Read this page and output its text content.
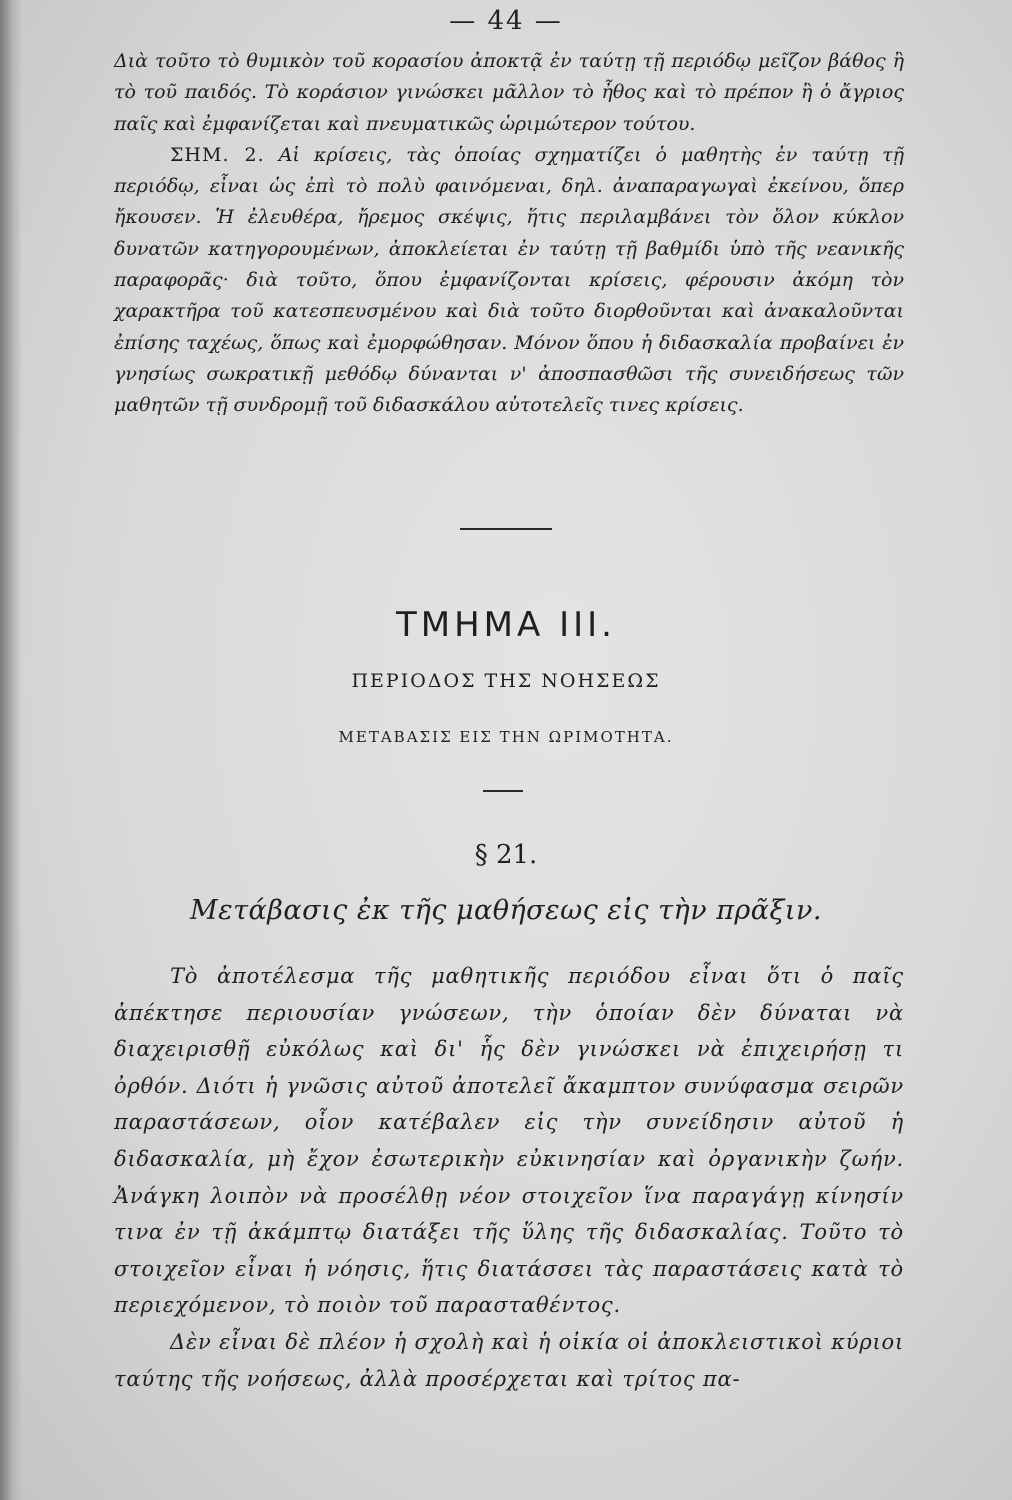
— 44 —

Διὰ τοῦτο τὸ θυμικὸν τοῦ κορασίου ἀποκτᾷ ἐν ταύτῃ τῇ περιόδῳ μεῖζον βάθος ἢ τὸ τοῦ παιδός. Τὸ κοράσιον γινώσκει μᾶλλον τὸ ἦθος καὶ τὸ πρέπον ἢ ὁ ἄγριος παῖς καὶ ἐμφανίζεται καὶ πνευματικῶς ὡριμώτερον τούτου.

ΣΗΜ. 2. Αἱ κρίσεις, τὰς ὁποίας σχηματίζει ὁ μαθητὴς ἐν ταύτῃ τῇ περιόδῳ, εἶναι ὡς ἐπὶ τὸ πολὺ φαινόμεναι, δηλ. ἀναπαραγωγαὶ ἐκείνου, ὅπερ ἤκουσεν. Ἡ ἐλευθέρα, ἤρεμος σκέψις, ἥτις περιλαμβάνει τὸν ὅλον κύκλον δυνατῶν κατηγορουμένων, ἀποκλείεται ἐν ταύτῃ τῇ βαθμίδι ὑπὸ τῆς νεανικῆς παραφορᾶς· διὰ τοῦτο, ὅπου ἐμφανίζονται κρίσεις, φέρουσιν ἀκόμη τὸν χαρακτῆρα τοῦ κατεσπευσμένου καὶ διὰ τοῦτο διορθοῦνται καὶ ἀνακαλοῦνται ἐπίσης ταχέως, ὅπως καὶ ἐμορφώθησαν. Μόνον ὅπου ἡ διδασκαλία προβαίνει ἐν γνησίως σωκρατικῇ μεθόδῳ δύνανται ν' ἀποσπασθῶσι τῆς συνειδήσεως τῶν μαθητῶν τῇ συνδρομῇ τοῦ διδασκάλου αὐτοτελεῖς τινες κρίσεις.

ΤΜΗΜΑ III.
ΠΕΡΙΟΔΟΣ ΤΗΣ ΝΟΗΣΕΩΣ
ΜΕΤΑΒΑΣΙΣ ΕΙΣ ΤΗΝ ΩΡΙΜΟΤΗΤΑ.
§ 21.
Μετάβασις ἐκ τῆς μαθήσεως εἰς τὴν πρᾶξιν.

Τὸ ἀποτέλεσμα τῆς μαθητικῆς περιόδου εἶναι ὅτι ὁ παῖς ἀπέκτησε περιουσίαν γνώσεων, τὴν ὁποίαν δὲν δύναται νὰ διαχειρισθῇ εὐκόλως καὶ δι' ἧς δὲν γινώσκει νὰ ἐπιχειρήσῃ τι ὀρθόν. Διότι ἡ γνῶσις αὐτοῦ ἀποτελεῖ ἄκαμπτον συνύφασμα σειρῶν παραστάσεων, οἷον κατέβαλεν εἰς τὴν συνείδησιν αὐτοῦ ἡ διδασκαλία, μὴ ἔχον ἐσωτερικὴν εὐκινησίαν καὶ ὀργανικὴν ζωήν. Ἀνάγκη λοιπὸν νὰ προσέλθῃ νέον στοιχεῖον ἵνα παραγάγῃ κίνησίν τινα ἐν τῇ ἀκάμπτῳ διατάξει τῆς ὕλης τῆς διδασκαλίας. Τοῦτο τὸ στοιχεῖον εἶναι ἡ νόησις, ἥτις διατάσσει τὰς παραστάσεις κατὰ τὸ περιεχόμενον, τὸ ποιὸν τοῦ παρασταθέντος.

Δὲν εἶναι δὲ πλέον ἡ σχολὴ καὶ ἡ οἰκία οἱ ἀποκλειστικοὶ κύριοι ταύτης τῆς νοήσεως, ἀλλὰ προσέρχεται καὶ τρίτος πα-
